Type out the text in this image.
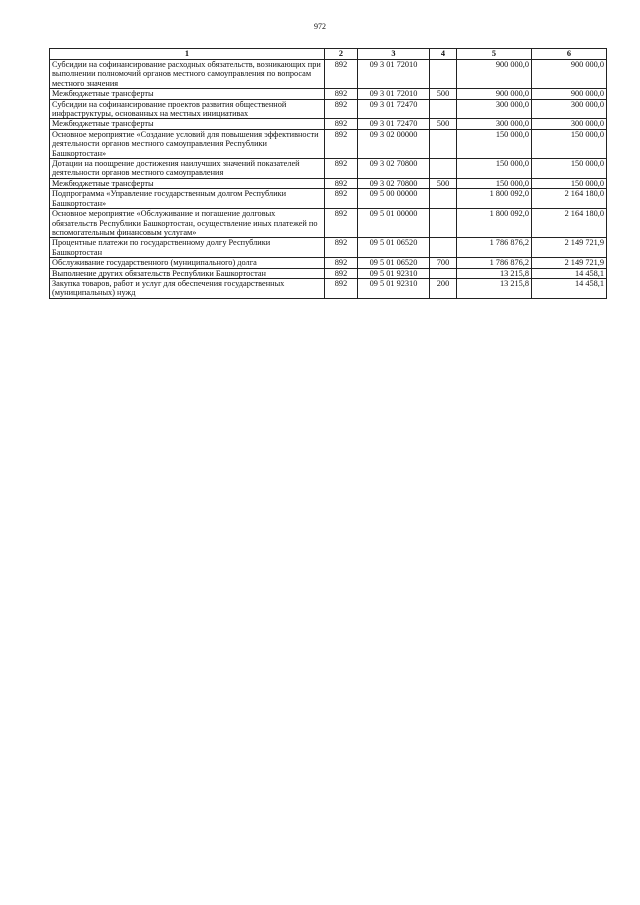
972
1	2	3	4	5	6
Субсидии на софинансирование расходных обязательств, возникающих при выполнении полномочий органов местного самоуправления по вопросам местного значения	892	09 3 01 72010		900 000,0	900 000,0
Межбюджетные трансферты	892	09 3 01 72010	500	900 000,0	900 000,0
Субсидии на софинансирование проектов развития общественной инфраструктуры, основанных на местных инициативах	892	09 3 01 72470		300 000,0	300 000,0
Межбюджетные трансферты	892	09 3 01 72470	500	300 000,0	300 000,0
Основное мероприятие «Создание условий для повышения эффективности деятельности органов местного самоуправления Республики Башкортостан»	892	09 3 02 00000		150 000,0	150 000,0
Дотации на поощрение достижения наилучших значений показателей деятельности органов местного самоуправления	892	09 3 02 70800		150 000,0	150 000,0
Межбюджетные трансферты	892	09 3 02 70800	500	150 000,0	150 000,0
Подпрограмма «Управление государственным долгом Республики Башкортостан»	892	09 5 00 00000		1 800 092,0	2 164 180,0
Основное мероприятие «Обслуживание и погашение долговых обязательств Республики Башкортостан, осуществление иных платежей по вспомогательным финансовым услугам»	892	09 5 01 00000		1 800 092,0	2 164 180,0
Процентные платежи по государственному долгу Республики Башкортостан	892	09 5 01 06520		1 786 876,2	2 149 721,9
Обслуживание государственного (муниципального) долга	892	09 5 01 06520	700	1 786 876,2	2 149 721,9
Выполнение других обязательств Республики Башкортостан	892	09 5 01 92310		13 215,8	14 458,1
Закупка товаров, работ и услуг для обеспечения государственных (муниципальных) нужд	892	09 5 01 92310	200	13 215,8	14 458,1
